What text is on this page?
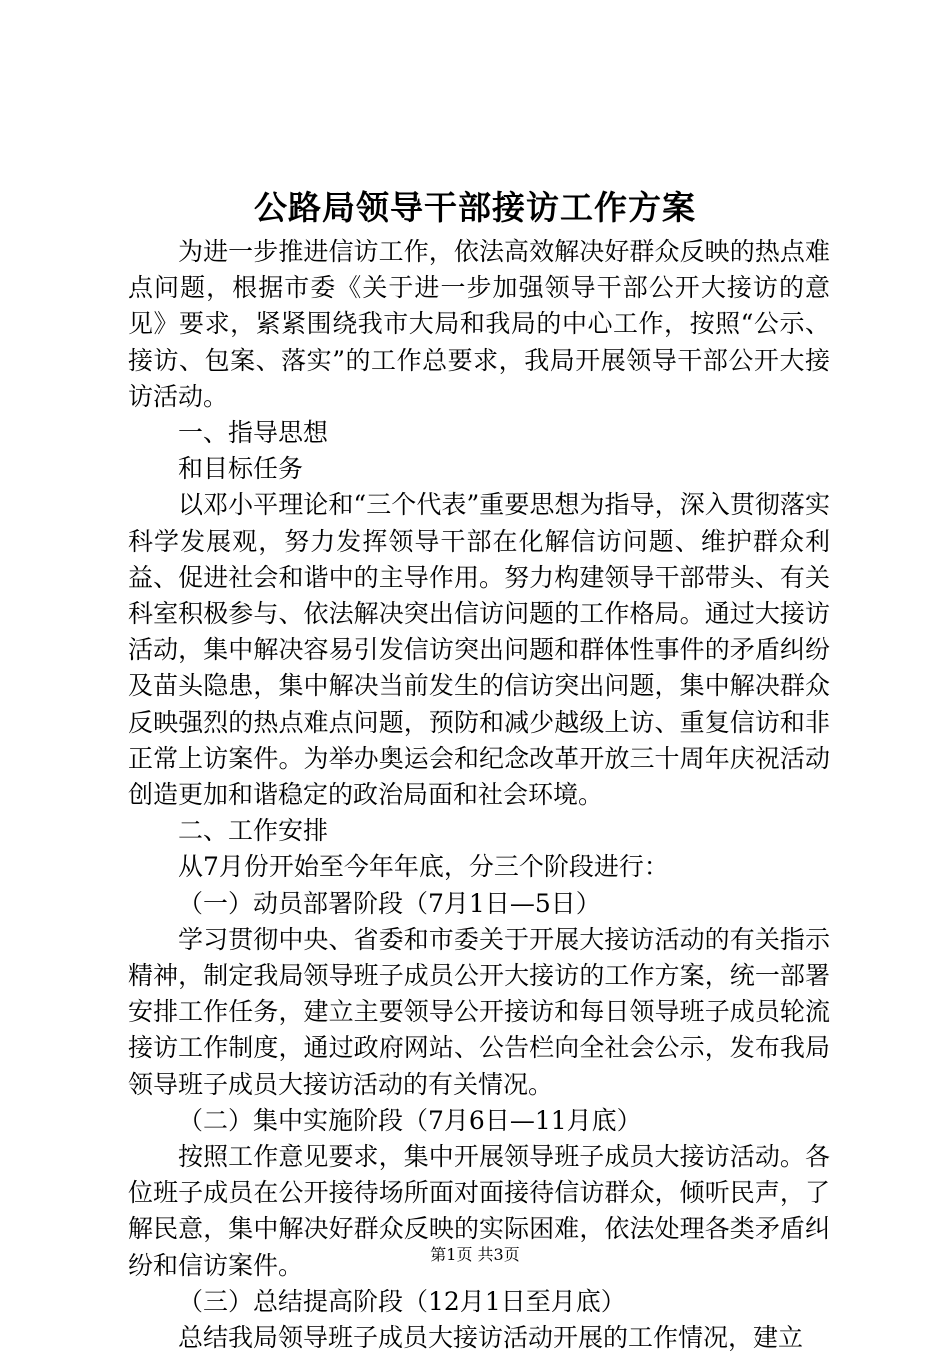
公路局领导干部接访工作方案

为进一步推进信访工作，依法高效解决好群众反映的热点难点问题，根据市委《关于进一步加强领导干部公开大接访的意见》要求，紧紧围绕我市大局和我局的中心工作，按照“公示、接访、包案、落实”的工作总要求，我局开展领导干部公开大接访活动。

一、指导思想

和目标任务

以邓小平理论和“三个代表”重要思想为指导，深入贯彻落实科学发展观，努力发挥领导干部在化解信访问题、维护群众利益、促进社会和谐中的主导作用。努力构建领导干部带头、有关科室积极参与、依法解决突出信访问题的工作格局。通过大接访活动，集中解决容易引发信访突出问题和群体性事件的矛盾纠纷及苗头隐患，集中解决当前发生的信访突出问题，集中解决群众反映强烈的热点难点问题，预防和减少越级上访、重复信访和非正常上访案件。为举办奥运会和纪念改革开放三十周年庆祝活动创造更加和谐稳定的政治局面和社会环境。

二、工作安排

从7月份开始至今年年底，分三个阶段进行：

（一）动员部署阶段（7月1日—5日）

学习贯彻中央、省委和市委关于开展大接访活动的有关指示精神，制定我局领导班子成员公开大接访的工作方案，统一部署安排工作任务，建立主要领导公开接访和每日领导班子成员轮流接访工作制度，通过政府网站、公告栏向全社会公示，发布我局领导班子成员大接访活动的有关情况。

（二）集中实施阶段（7月6日—11月底）

按照工作意见要求，集中开展领导班子成员大接访活动。各位班子成员在公开接待场所面对面接待信访群众，倾听民声，了解民意，集中解决好群众反映的实际困难，依法处理各类矛盾纠纷和信访案件。

（三）总结提高阶段（12月1日至月底）

总结我局领导班子成员大接访活动开展的工作情况，建立

第1页 共3页
